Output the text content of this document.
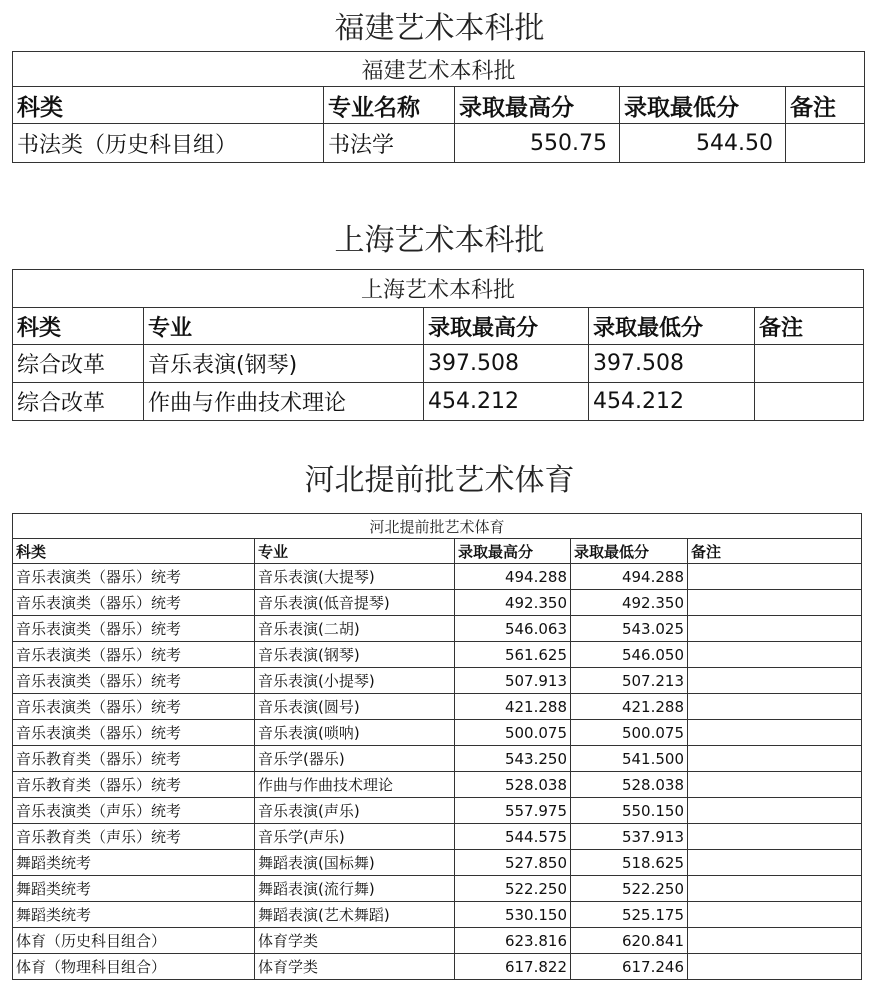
福建艺术本科批
福建艺术本科批				
科类	专业名称	录取最高分	录取最低分	备注
书法类（历史科目组）	书法学	550.75	544.50	
上海艺术本科批
上海艺术本科批				
科类	专业	录取最高分	录取最低分	备注
综合改革	音乐表演(钢琴)	397.508	397.508	
综合改革	作曲与作曲技术理论	454.212	454.212	
河北提前批艺术体育
河北提前批艺术体育				
科类	专业	录取最高分	录取最低分	备注
音乐表演类（器乐）统考	音乐表演(大提琴)	494.288	494.288	
音乐表演类（器乐）统考	音乐表演(低音提琴)	492.350	492.350	
音乐表演类（器乐）统考	音乐表演(二胡)	546.063	543.025	
音乐表演类（器乐）统考	音乐表演(钢琴)	561.625	546.050	
音乐表演类（器乐）统考	音乐表演(小提琴)	507.913	507.213	
音乐表演类（器乐）统考	音乐表演(圆号)	421.288	421.288	
音乐表演类（器乐）统考	音乐表演(唢呐)	500.075	500.075	
音乐教育类（器乐）统考	音乐学(器乐)	543.250	541.500	
音乐教育类（器乐）统考	作曲与作曲技术理论	528.038	528.038	
音乐表演类（声乐）统考	音乐表演(声乐)	557.975	550.150	
音乐教育类（声乐）统考	音乐学(声乐)	544.575	537.913	
舞蹈类统考	舞蹈表演(国标舞)	527.850	518.625	
舞蹈类统考	舞蹈表演(流行舞)	522.250	522.250	
舞蹈类统考	舞蹈表演(艺术舞蹈)	530.150	525.175	
体育（历史科目组合）	体育学类	623.816	620.841	
体育（物理科目组合）	体育学类	617.822	617.246	
